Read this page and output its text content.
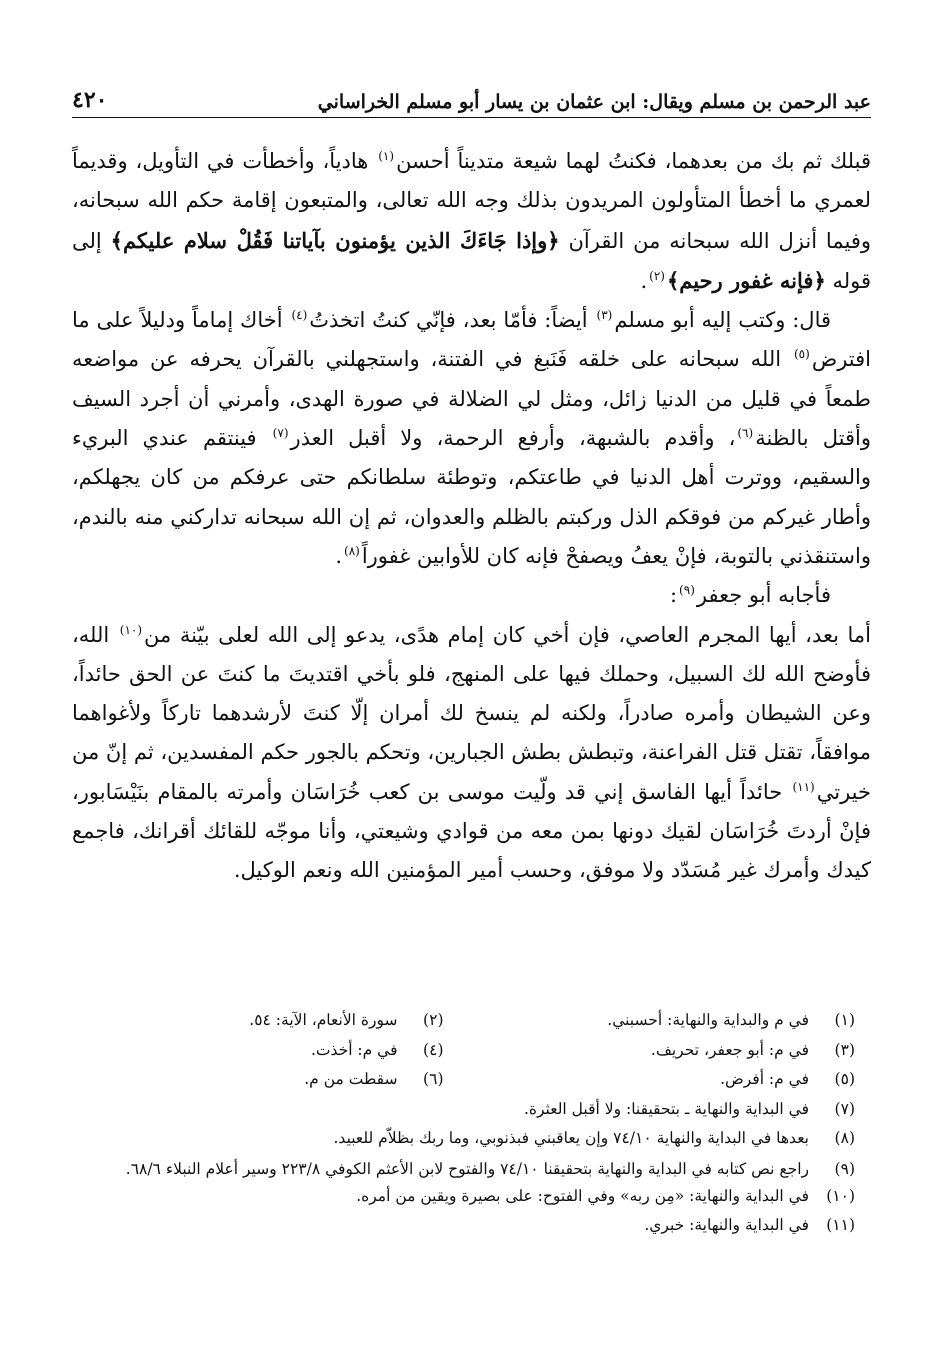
عبد الرحمن بن مسلم ويقال: ابن عثمان بن يسار أبو مسلم الخراساني
٤٢٠

قبلك ثم بك من بعدهما، فكنتُ لهما شيعة متديناً أحسن$^{(١)}$ هادياً، وأخطأت في التأويل، وقديماً لعمري ما أخطأ المتأولون المريدون بذلك وجه الله تعالى، والمتبعون إقامة حكم الله سبحانه، وفيما أنزل الله سبحانه من القرآن ﴿وإذا جَاءَكَ الذين يؤمنون بآياتنا فَقُلْ سلام عليكم﴾ إلى قوله ﴿فإنه غفور رحيم﴾$^{(٢)}$.

قال: وكتب إليه أبو مسلم$^{(٣)}$ أيضاً: فأمّا بعد، فإنّي كنتُ اتخذتُ$^{(٤)}$ أخاك إماماً ودليلاً على ما افترض$^{(٥)}$ الله سبحانه على خلقه فَنَبغ في الفتنة، واستجهلني بالقرآن يحرفه عن مواضعه طمعاً في قليل من الدنيا زائل، ومثل لي الضلالة في صورة الهدى، وأمرني أن أجرد السيف وأقتل بالظنة$^{(٦)}$، وأقدم بالشبهة، وأرفع الرحمة، ولا أقبل العذر$^{(٧)}$ فينتقم عندي البريء والسقيم، ووترت أهل الدنيا في طاعتكم، وتوطئة سلطانكم حتى عرفكم من كان يجهلكم، وأطار غيركم من فوقكم الذل وركبتم بالظلم والعدوان، ثم إن الله سبحانه تداركني منه بالندم، واستنقذني بالتوبة، فإنْ يعفُ ويصفحْ فإنه كان للأوابين غفوراً$^{(٨)}$.

فأجابه أبو جعفر$^{(٩)}$:

أما بعد، أيها المجرم العاصي، فإن أخي كان إمام هدًى، يدعو إلى الله لعلى بيّنة من$^{(١٠)}$ الله، فأوضح الله لك السبيل، وحملك فيها على المنهج، فلو بأخي اقتديتَ ما كنتَ عن الحق حائداً، وعن الشيطان وأمره صادراً، ولكنه لم ينسخ لك أمران إلّا كنتَ لأرشدهما تاركاً ولأغواهما موافقاً، تقتل قتل الفراعنة، وتبطش بطش الجبارين، وتحكم بالجور حكم المفسدين، ثم إنّ من خيرتي$^{(١١)}$ حائداً أيها الفاسق إني قد ولّيت موسى بن كعب خُرَاسَان وأمرته بالمقام بنَيْسَابور، فإنْ أردتَ خُرَاسَان لقيك دونها بمن معه من قوادي وشيعتي، وأنا موجّه للقائك أقرانك، فاجمع كيدك وأمرك غير مُسَدّد ولا موفق، وحسب أمير المؤمنين الله ونعم الوكيل.

(١)
في م والبداية والنهاية: أحسبني.
(٢)
سورة الأنعام، الآية: ٥٤.
(٣)
في م: أبو جعفر، تحريف.
(٤)
في م: أخذت.
(٥)
في م: أفرض.
(٦)
سقطت من م.
(٧)
في البداية والنهاية ـ بتحقيقنا: ولا أقبل العثرة.
(٨)
بعدها في البداية والنهاية ٧٤/١٠ وإن يعاقبني فبذنوبي، وما ربك بظلاّم للعبيد.
(٩)
راجع نص كتابه في البداية والنهاية بتحقيقنا ٧٤/١٠ والفتوح لابن الأعثم الكوفي ٢٢٣/٨ وسير أعلام النبلاء ٦٨/٦.
(١٠)
في البداية والنهاية: «مِن ربه» وفي الفتوح: على بصيرة ويقين من أمره.
(١١)
في البداية والنهاية: خبري.
